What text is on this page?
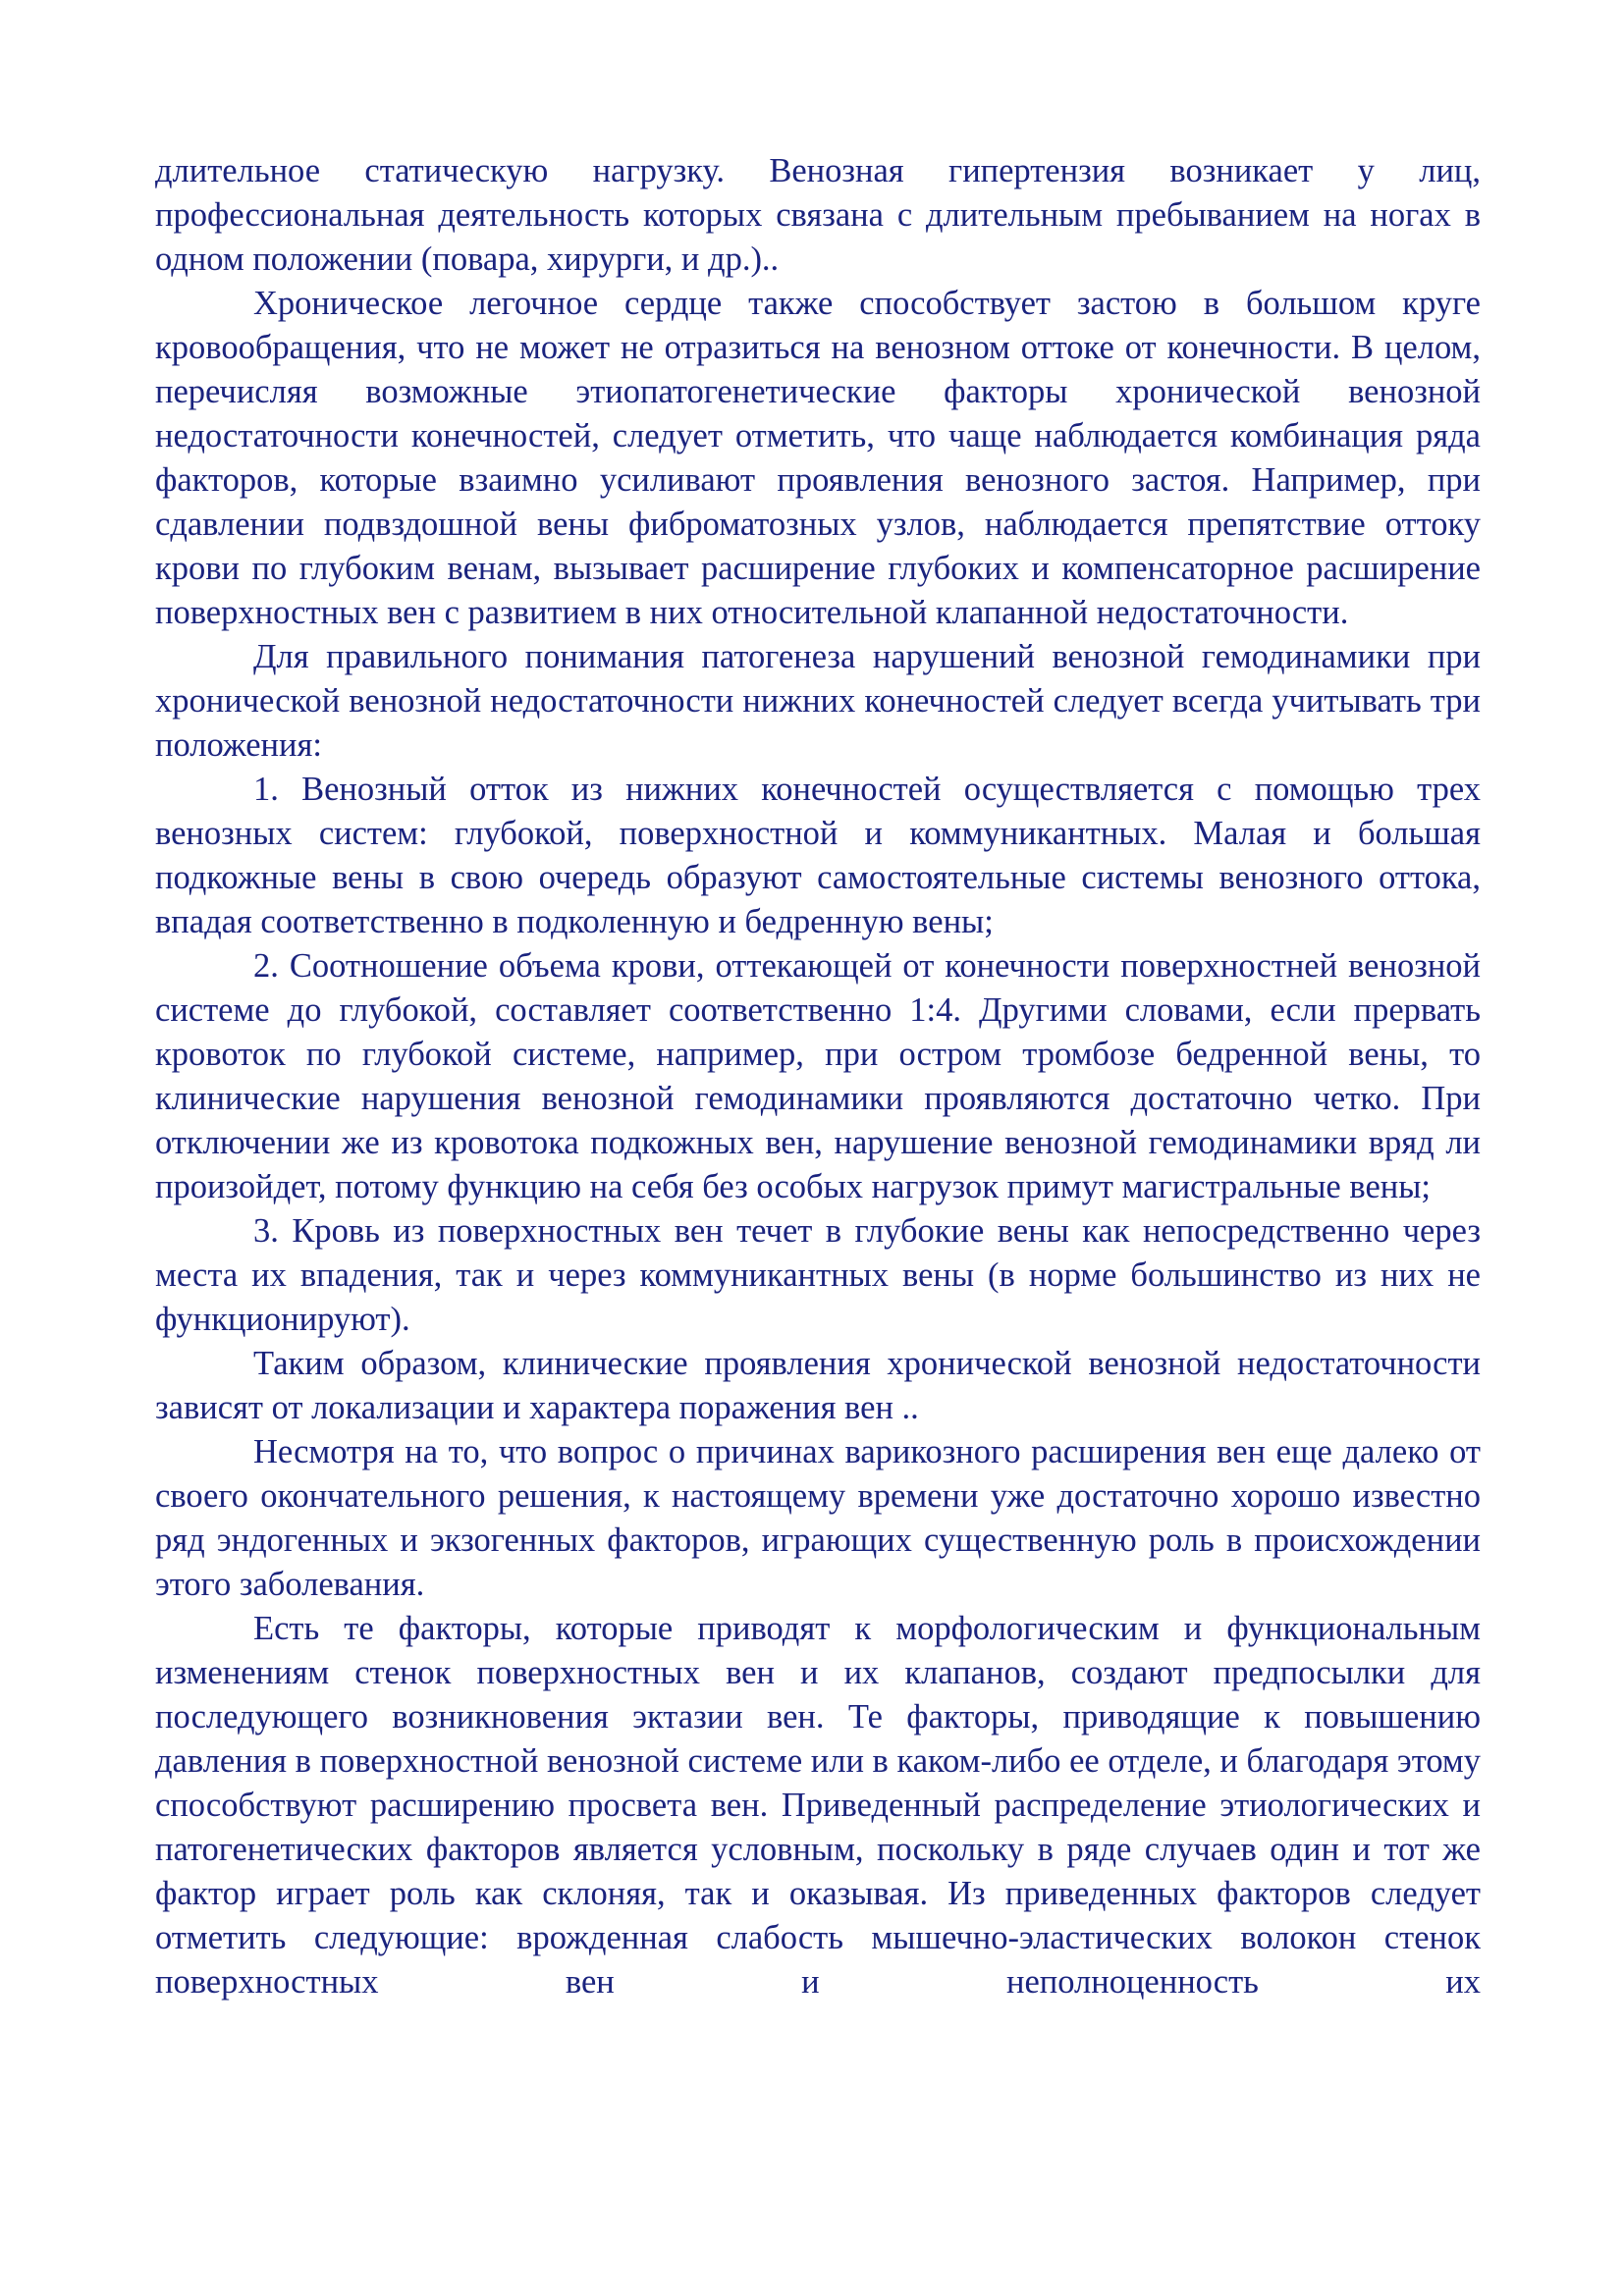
длительное статическую нагрузку. Венозная гипертензия возникает у лиц, профессиональная деятельность которых связана с длительным пребыванием на ногах в одном положении (повара, хирурги, и др.)..

Хроническое легочное сердце также способствует застою в большом круге кровообращения, что не может не отразиться на венозном оттоке от конечности. В целом, перечисляя возможные этиопатогенетические факторы хронической венозной недостаточности конечностей, следует отметить, что чаще наблюдается комбинация ряда факторов, которые взаимно усиливают проявления венозного застоя. Например, при сдавлении подвздошной вены фиброматозных узлов, наблюдается препятствие оттоку крови по глубоким венам, вызывает расширение глубоких и компенсаторное расширение поверхностных вен с развитием в них относительной клапанной недостаточности.

Для правильного понимания патогенеза нарушений венозной гемодинамики при хронической венозной недостаточности нижних конечностей следует всегда учитывать три положения:

1. Венозный отток из нижних конечностей осуществляется с помощью трех венозных систем: глубокой, поверхностной и коммуникантных. Малая и большая подкожные вены в свою очередь образуют самостоятельные системы венозного оттока, впадая соответственно в подколенную и бедренную вены;

2. Соотношение объема крови, оттекающей от конечности поверхностней венозной системе до глубокой, составляет соответственно 1:4. Другими словами, если прервать кровоток по глубокой системе, например, при остром тромбозе бедренной вены, то клинические нарушения венозной гемодинамики проявляются достаточно четко. При отключении же из кровотока подкожных вен, нарушение венозной гемодинамики вряд ли произойдет, потому функцию на себя без особых нагрузок примут магистральные вены;

3. Кровь из поверхностных вен течет в глубокие вены как непосредственно через места их впадения, так и через коммуникантных вены (в норме большинство из них не функционируют).

Таким образом, клинические проявления хронической венозной недостаточности зависят от локализации и характера поражения вен ..

Несмотря на то, что вопрос о причинах варикозного расширения вен еще далеко от своего окончательного решения, к настоящему времени уже достаточно хорошо известно ряд эндогенных и экзогенных факторов, играющих существенную роль в происхождении этого заболевания.

Есть те факторы, которые приводят к морфологическим и функциональным изменениям стенок поверхностных вен и их клапанов, создают предпосылки для последующего возникновения эктазии вен. Те факторы, приводящие к повышению давления в поверхностной венозной системе или в каком-либо ее отделе, и благодаря этому способствуют расширению просвета вен. Приведенный распределение этиологических и патогенетических факторов является условным, поскольку в ряде случаев один и тот же фактор играет роль как склоняя, так и оказывая. Из приведенных факторов следует отметить следующие: врожденная слабость мышечно-эластических волокон стенок поверхностных вен и неполноценность их
